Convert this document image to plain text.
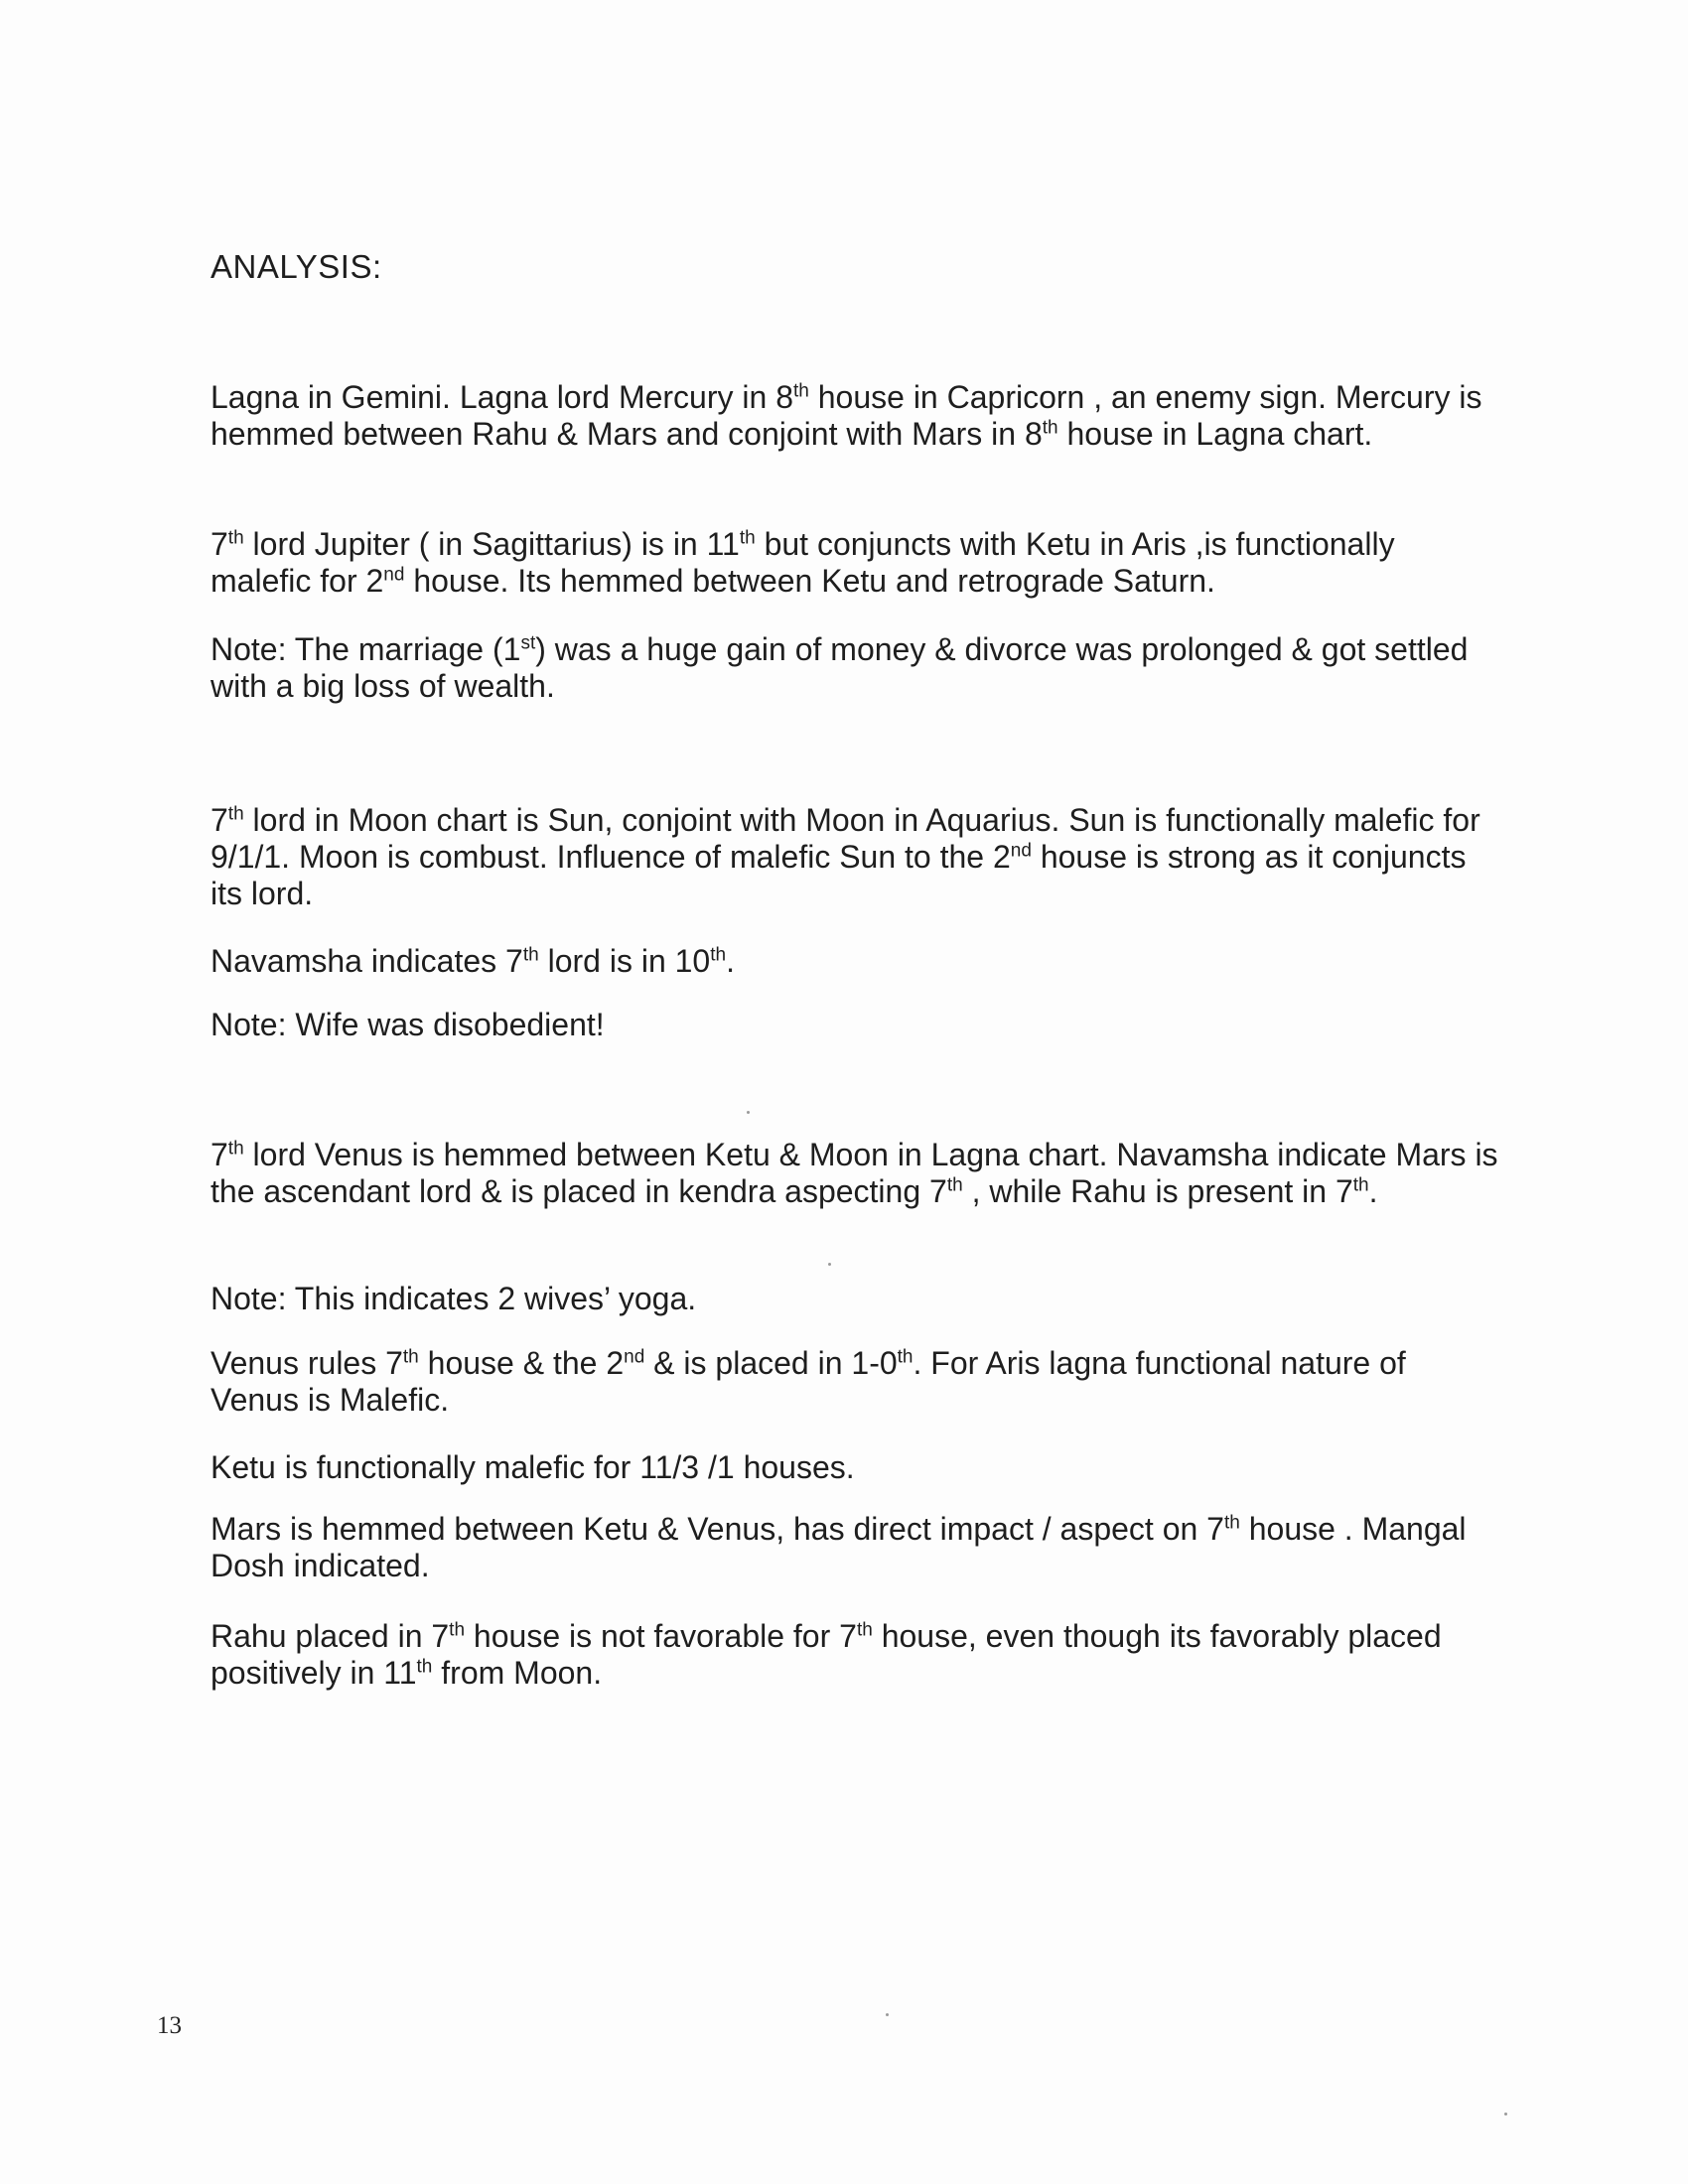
ANALYSIS:

Lagna in Gemini. Lagna lord Mercury in 8th house in Capricorn , an enemy sign. Mercury is hemmed between Rahu & Mars and conjoint with Mars in 8th house in Lagna chart.

7th lord Jupiter ( in Sagittarius) is in 11th but conjuncts with Ketu in Aris ,is functionally malefic for 2nd house. Its hemmed between Ketu and retrograde Saturn.

Note: The marriage (1st) was a huge gain of money & divorce was prolonged & got settled with a big loss of wealth.

7th lord in Moon chart is Sun, conjoint with Moon in Aquarius. Sun is functionally malefic for 9/1/1. Moon is combust. Influence of malefic Sun to the 2nd house is strong as it conjuncts its lord.

Navamsha indicates 7th lord is in 10th.

Note: Wife was disobedient!

7th lord Venus is hemmed between Ketu & Moon in Lagna chart. Navamsha indicate Mars is the ascendant lord & is placed in kendra aspecting 7th , while Rahu is present in 7th.

Note: This indicates 2 wives’ yoga.

Venus rules 7th house & the 2nd & is placed in 1-0th. For Aris lagna functional nature of Venus is Malefic.

Ketu is functionally malefic for 11/3 /1 houses.

Mars is hemmed between Ketu & Venus, has direct impact / aspect on 7th house . Mangal Dosh indicated.

Rahu placed in 7th house is not favorable for 7th house, even though its favorably placed positively in 11th from Moon.

13
